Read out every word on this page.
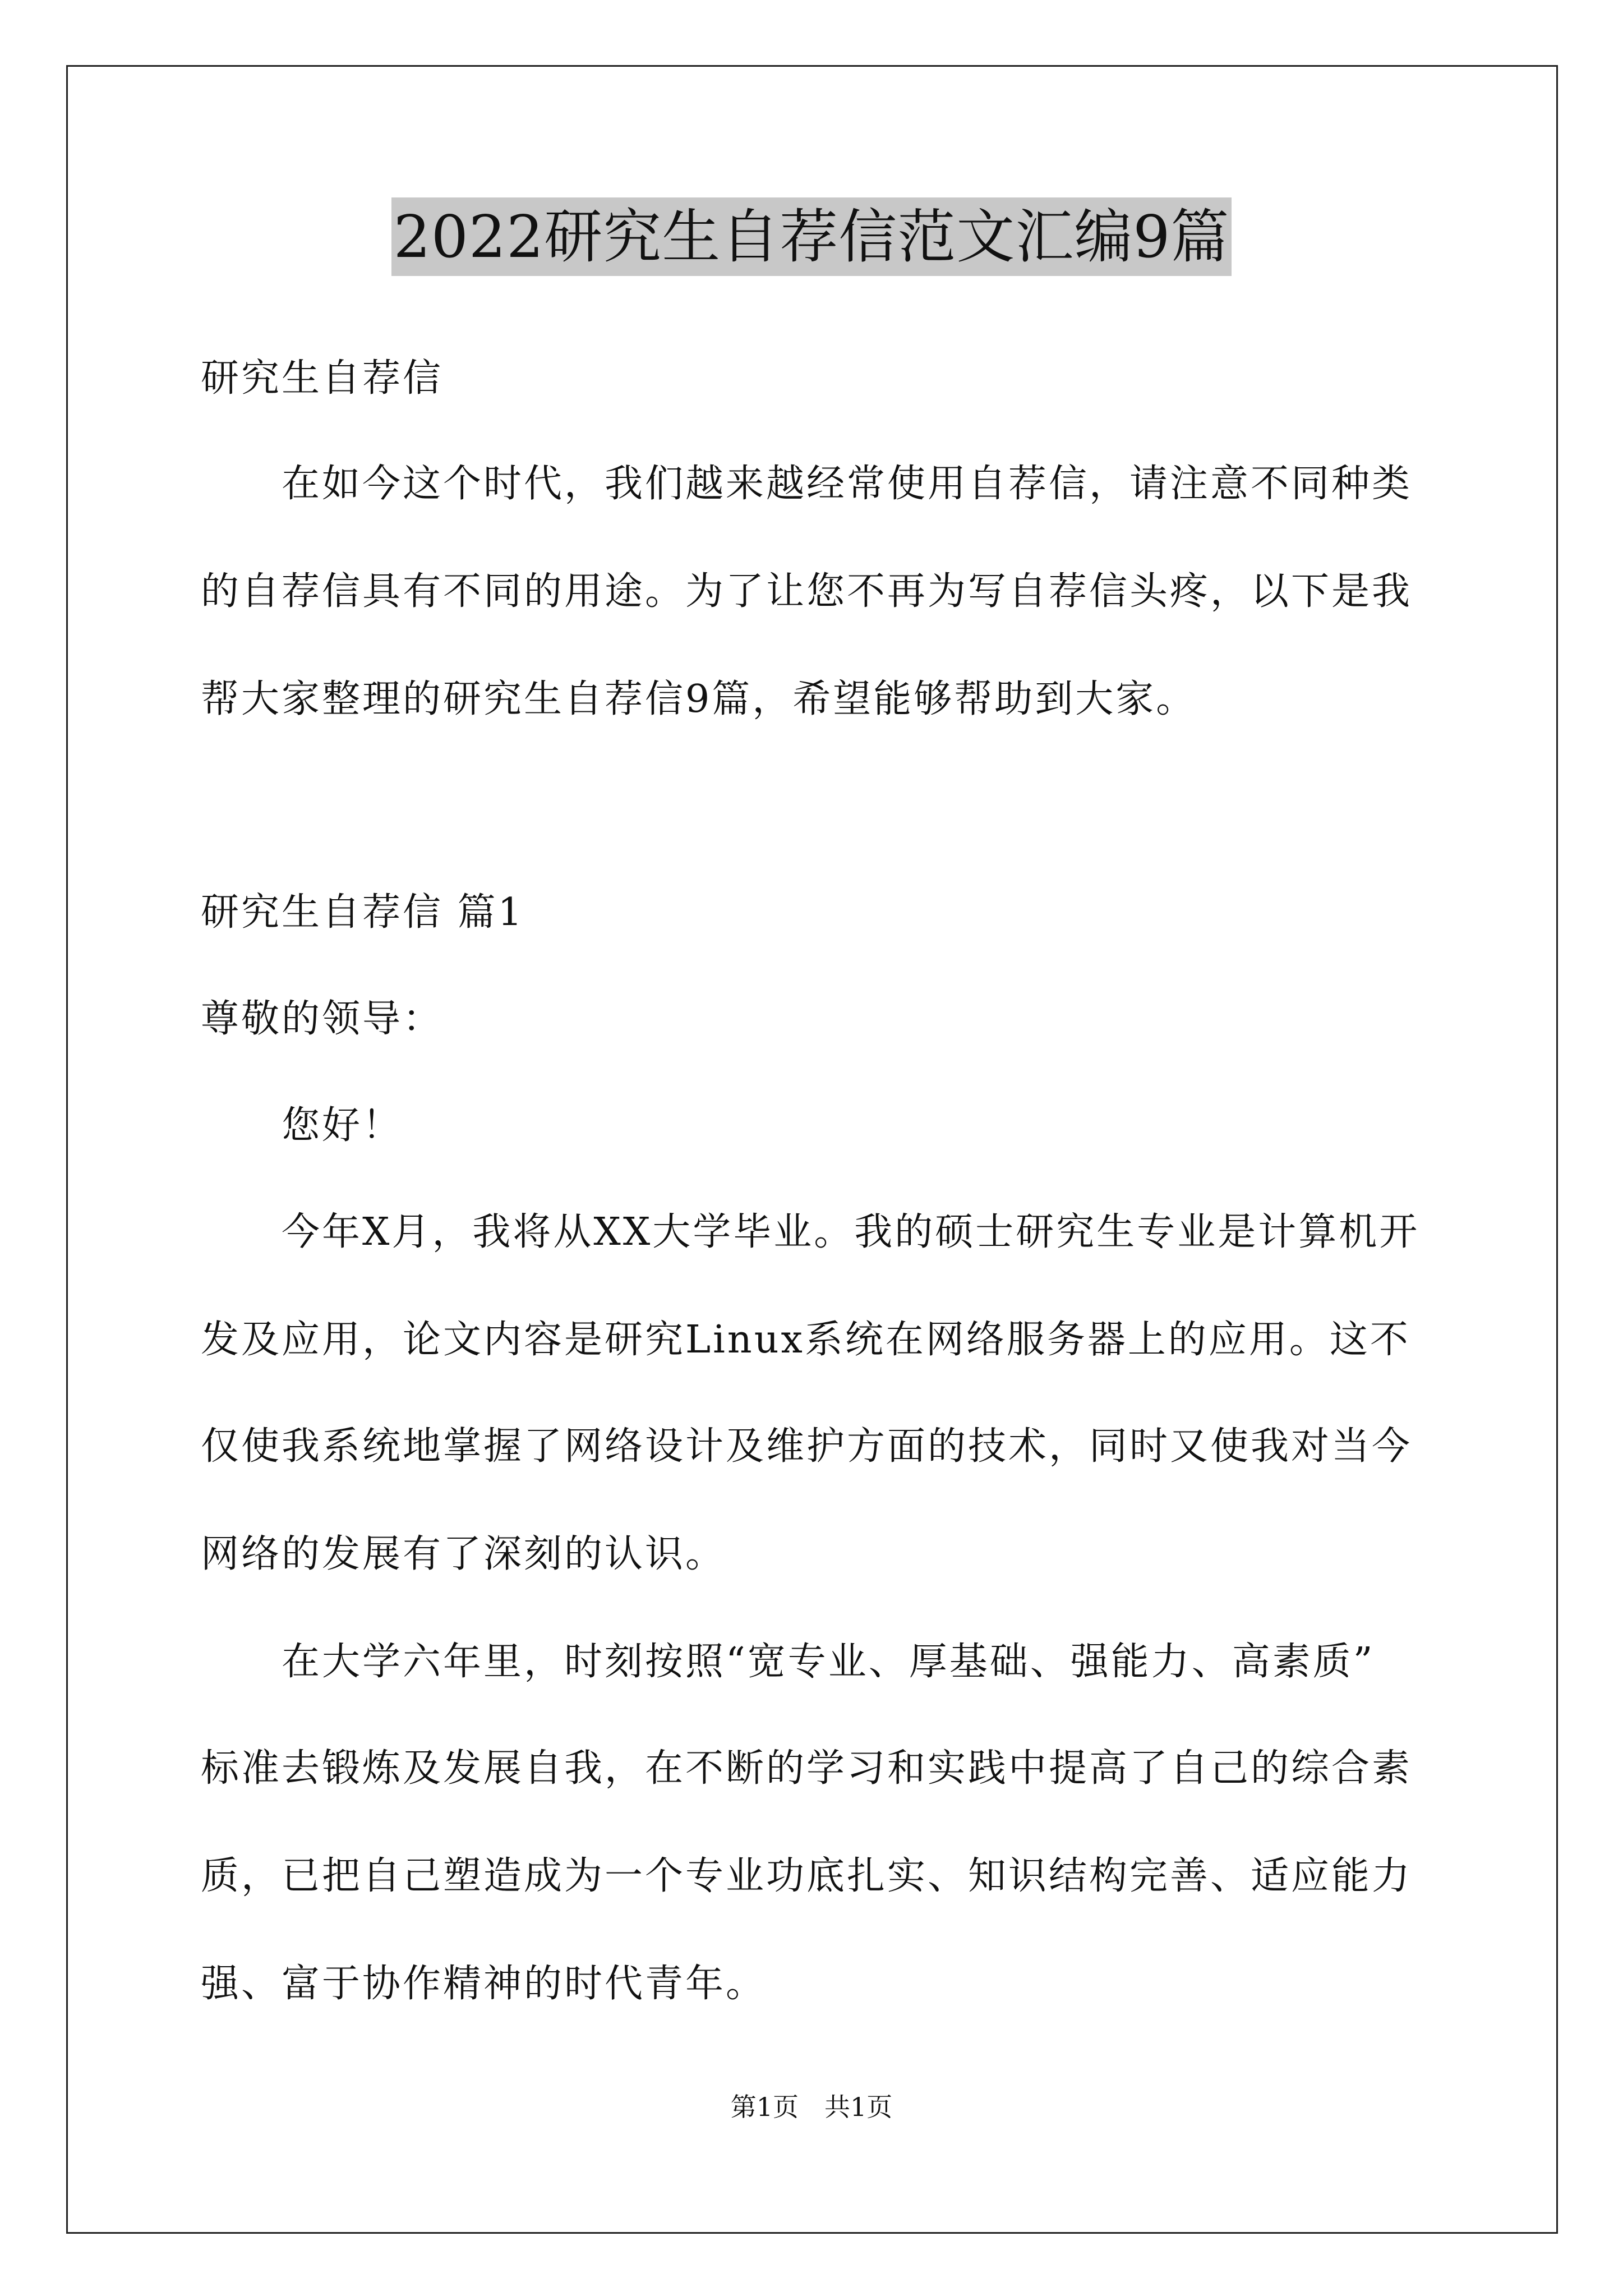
2022研究生自荐信范文汇编9篇
研究生自荐信
在如今这个时代，我们越来越经常使用自荐信，请注意不同种类
的自荐信具有不同的用途。为了让您不再为写自荐信头疼，以下是我
帮大家整理的研究生自荐信9篇，希望能够帮助到大家。
研究生自荐信 篇1
尊敬的领导：
您好！
今年X月，我将从XX大学毕业。我的硕士研究生专业是计算机开
发及应用，论文内容是研究Linux系统在网络服务器上的应用。这不
仅使我系统地掌握了网络设计及维护方面的技术，同时又使我对当今
网络的发展有了深刻的认识。
在大学六年里，时刻按照“宽专业、厚基础、强能力、高素质”
标准去锻炼及发展自我，在不断的学习和实践中提高了自己的综合素
质，已把自己塑造成为一个专业功底扎实、知识结构完善、适应能力
强、富于协作精神的时代青年。
第1页　共1页
